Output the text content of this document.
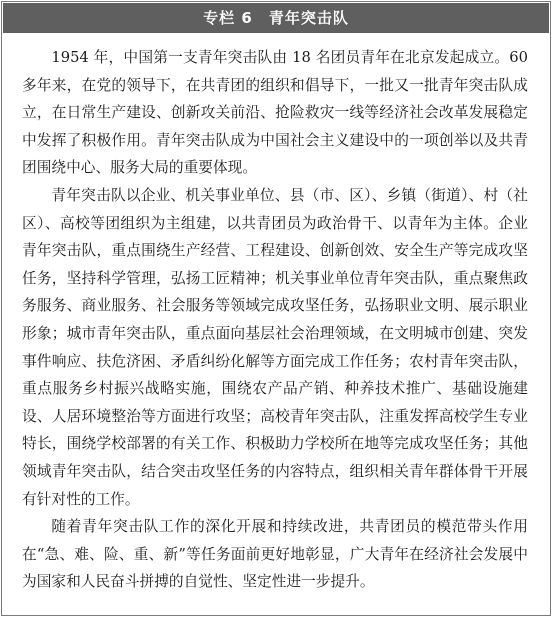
专栏 6 青年突击队

1954 年，中国第一支青年突击队由 18 名团员青年在北京发起成立。60 多年来，在党的领导下，在共青团的组织和倡导下，一批又一批青年突击队成立，在日常生产建设、创新攻关前沿、抢险救灾一线等经济社会改革发展稳定中发挥了积极作用。青年突击队成为中国社会主义建设中的一项创举以及共青团围绕中心、服务大局的重要体现。

青年突击队以企业、机关事业单位、县（市、区）、乡镇（街道）、村（社区）、高校等团组织为主组建，以共青团员为政治骨干、以青年为主体。企业青年突击队，重点围绕生产经营、工程建设、创新创效、安全生产等完成攻坚任务，坚持科学管理，弘扬工匠精神；机关事业单位青年突击队，重点聚焦政务服务、商业服务、社会服务等领域完成攻坚任务，弘扬职业文明、展示职业形象；城市青年突击队，重点面向基层社会治理领域，在文明城市创建、突发事件响应、扶危济困、矛盾纠纷化解等方面完成工作任务；农村青年突击队，重点服务乡村振兴战略实施，围绕农产品产销、种养技术推广、基础设施建设、人居环境整治等方面进行攻坚；高校青年突击队，注重发挥高校学生专业特长，围绕学校部署的有关工作、积极助力学校所在地等完成攻坚任务；其他领域青年突击队，结合突击攻坚任务的内容特点，组织相关青年群体骨干开展有针对性的工作。

随着青年突击队工作的深化开展和持续改进，共青团员的模范带头作用在“急、难、险、重、新”等任务面前更好地彰显，广大青年在经济社会发展中为国家和人民奋斗拼搏的自觉性、坚定性进一步提升。
